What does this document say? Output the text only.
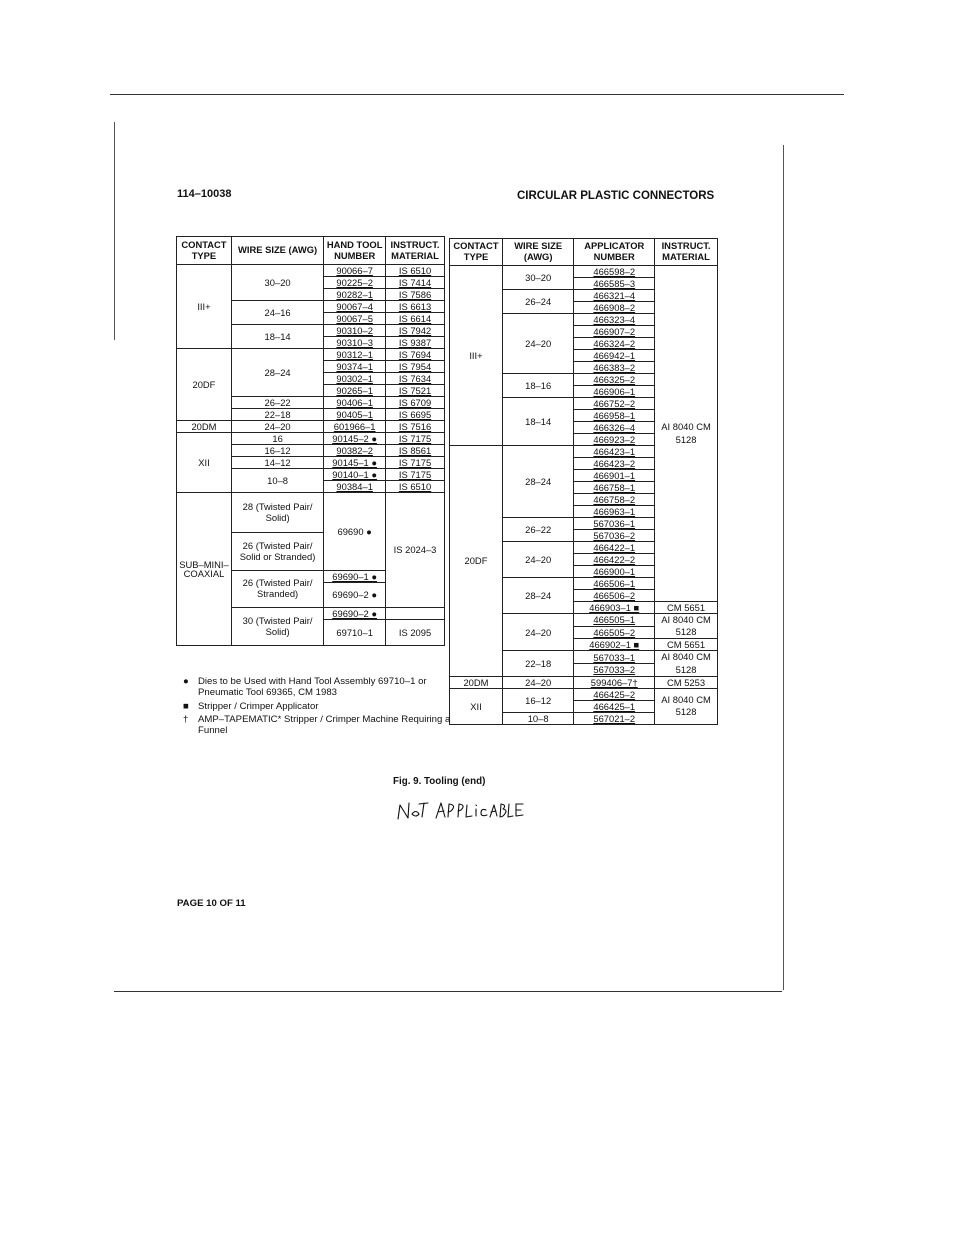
114–10038	CIRCULAR PLASTIC CONNECTORS
CONTACT TYPE	WIRE SIZE (AWG)	HAND TOOL NUMBER	INSTRUCT. MATERIAL
III+	30–20	90066–7	IS 6510
		90225–2	IS 7414
		90282–1	IS 7586
	24–16	90067–4	IS 6613
		90067–5	IS 6614
	18–14	90310–2	IS 7942
		90310–3	IS 9387
20DF	28–24	90312–1	IS 7694
		90374–1	IS 7954
		90302–1	IS 7634
		90265–1	IS 7521
	26–22	90406–1	IS 6709
	22–18	90405–1	IS 6695
20DM	24–20	601966–1	IS 7516
XII	16	90145–2 ●	IS 7175
	16–12	90382–2	IS 8561
	14–12	90145–1 ●	IS 7175
	10–8	90140–1 ●	IS 7175
		90384–1	IS 6510
SUB–MINI– COAXIAL	28 (Twisted Pair/ Solid)	69690 ●	IS 2024–3
	26 (Twisted Pair/ Solid or Stranded)		
	26 (Twisted Pair/ Stranded)	69690–1 ●	
		69690–2 ●	
	30 (Twisted Pair/ Solid)	69690–2 ●	
		69710–1	IS 2095
CONTACT TYPE	WIRE SIZE (AWG)	APPLICATOR NUMBER	INSTRUCT. MATERIAL
III+	30–20	466598–2	AI 8040 CM 5128
		466585–3	
	26–24	466321–4	
		466908–2	
	24–20	466323–4	
		466907–2	
		466324–2	
		466942–1	
		466383–2	
	18–16	466325–2	
		466906–1	
	18–14	466752–2	
		466958–1	
		466326–4	
		466923–2	
20DF	28–24	466423–1	
		466423–2	
		466901–1	
		466758–1	
		466758–2	
		466963–1	
	26–22	567036–1	
		567036–2	
	24–20	466422–1	
		466422–2	
		466900–1	
	28–24	466506–1	
		466506–2	
		466903–1 ■	CM 5651
	24–20	466505–1	AI 8040 CM 5128
		466505–2	
		466902–1 ■	CM 5651
	22–18	567033–1	AI 8040 CM 5128
		567033–2	
20DM	24–20	599406–7†	CM 5253
XII	16–12	466425–2	AI 8040 CM 5128
		466425–1	
	10–8	567021–2	
● Dies to be Used with Hand Tool Assembly 69710–1 or Pneumatic Tool 69365, CM 1983
■ Stripper / Crimper Applicator
†	AMP–TAPEMATIC* Stripper / Crimper Machine Requiring a Funnel
Fig. 9. Tooling (end)
PAGE 10 OF 11
